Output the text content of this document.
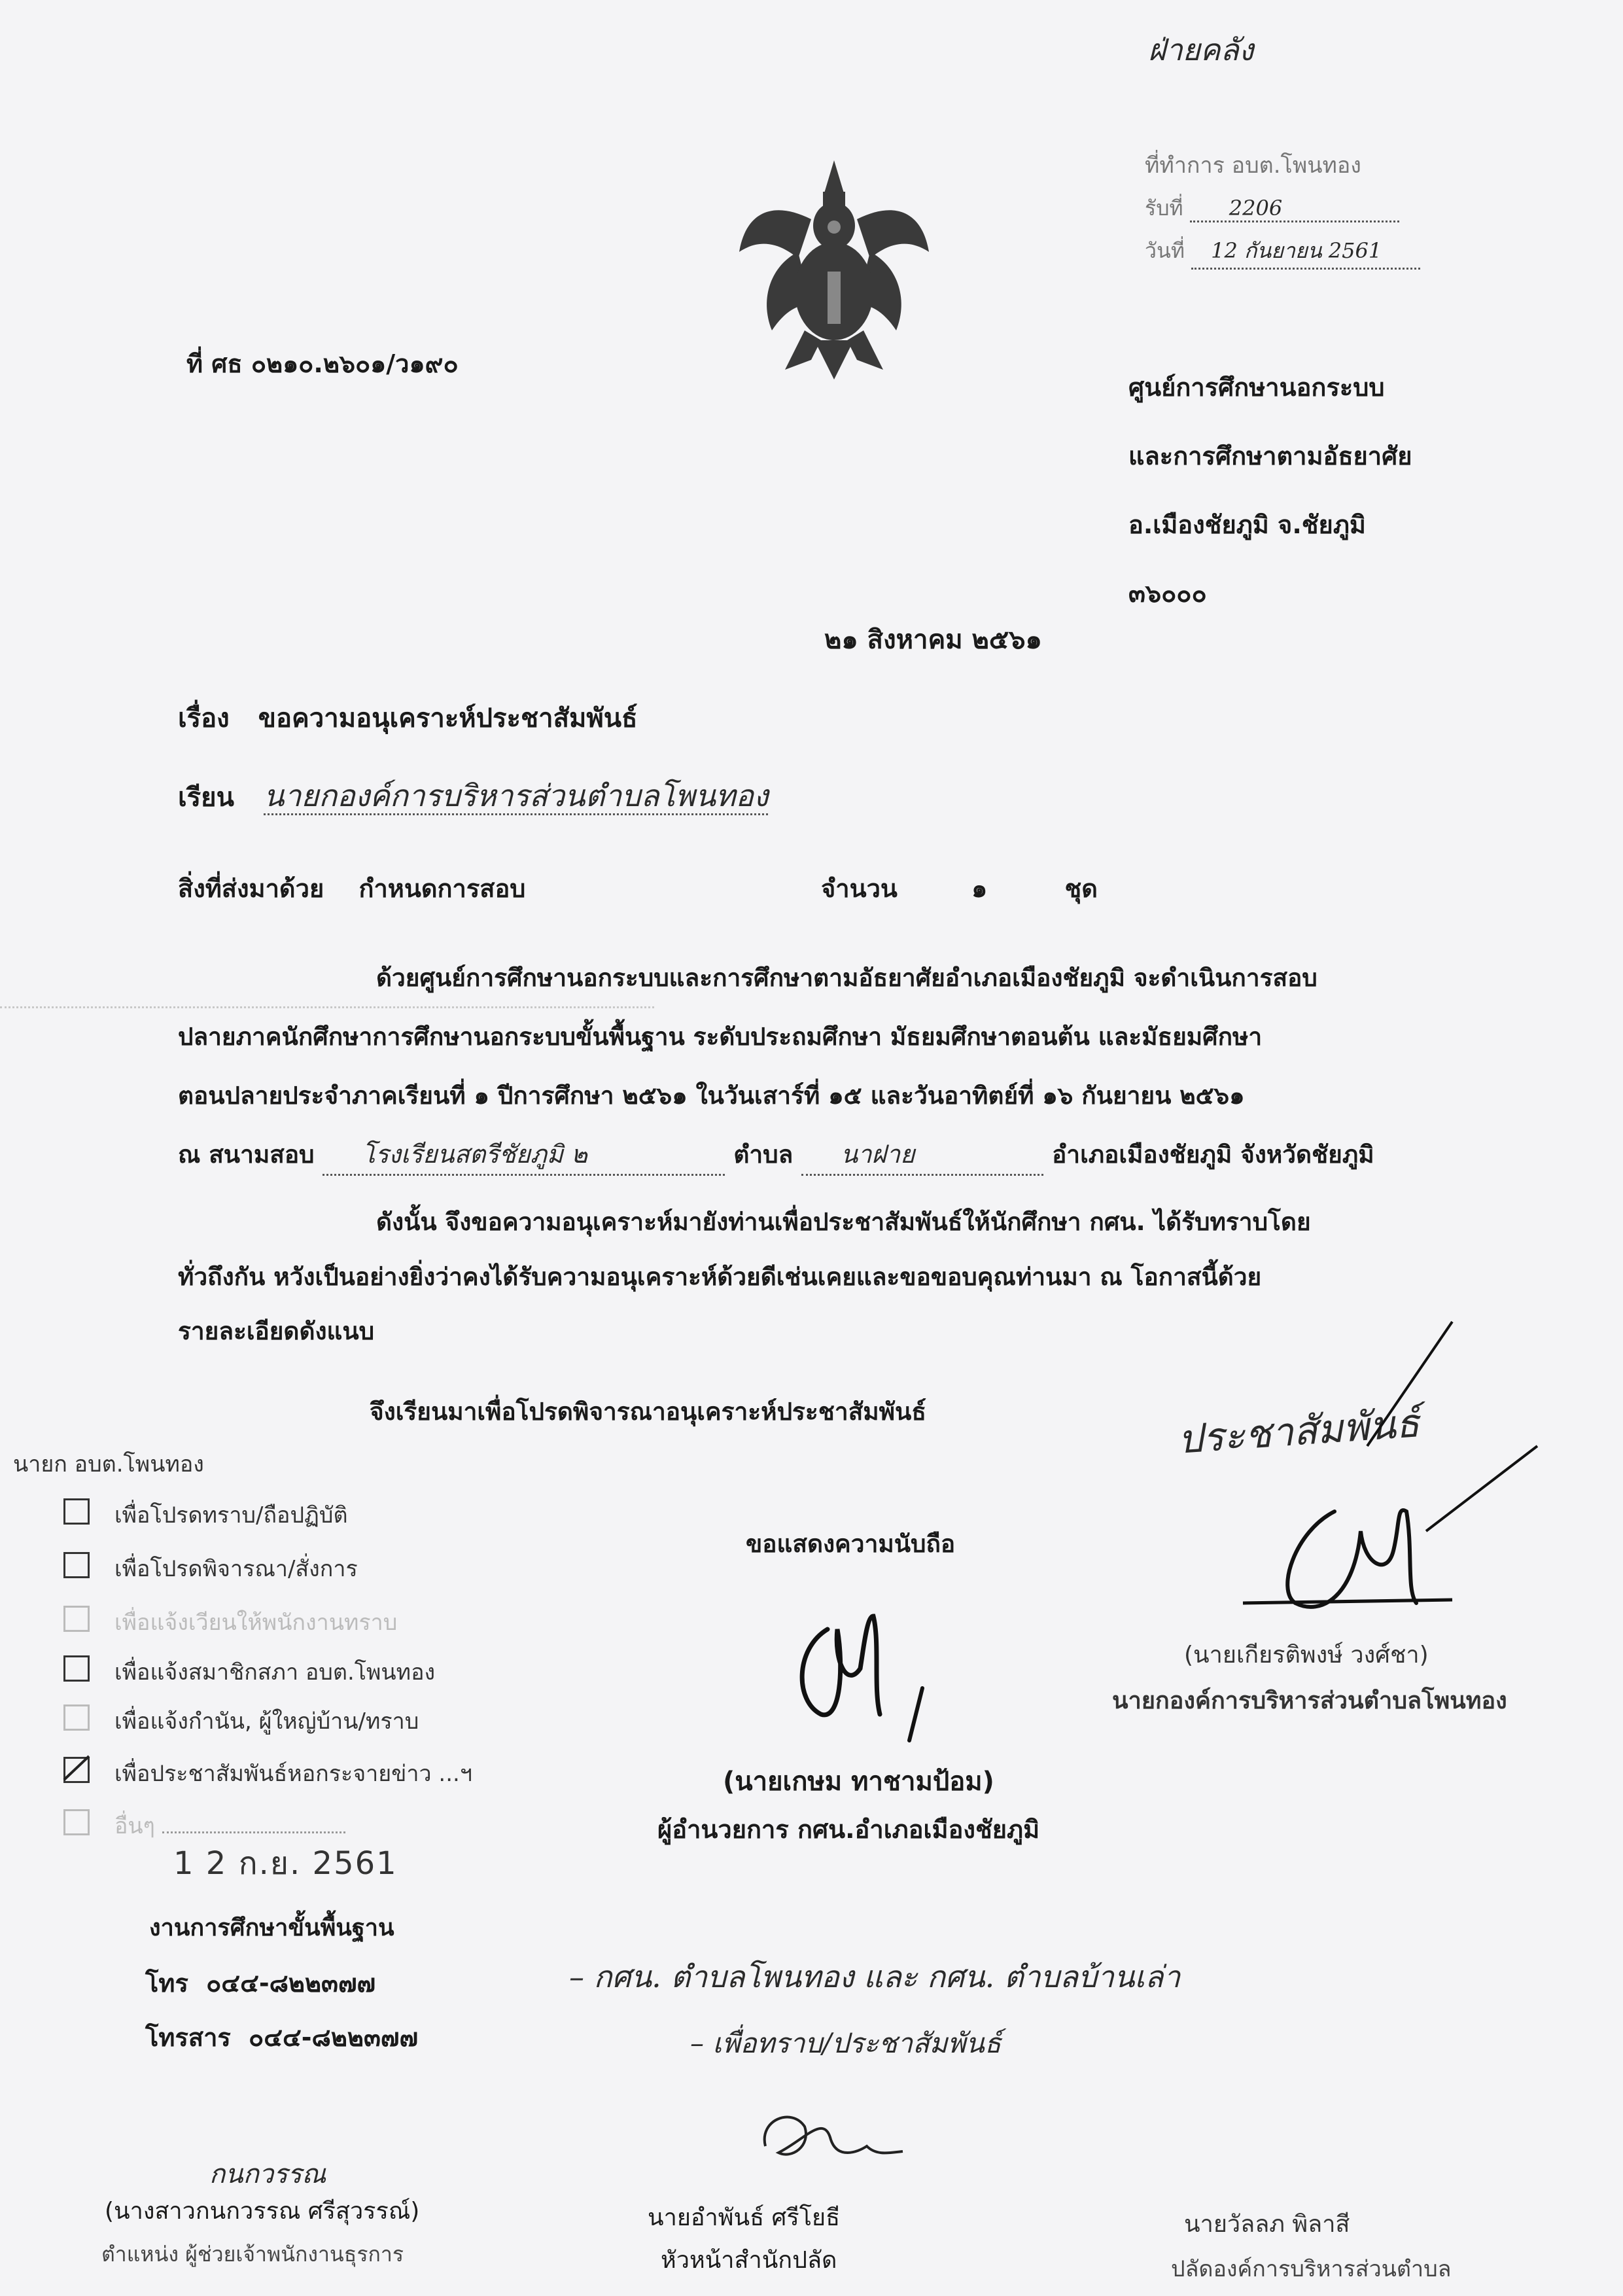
ฝ่ายคลัง
ที่ทำการ อบต.โพนทอง
รับที่ 2206
วันที่ 12 กันยายน 2561
ที่ ศธ ๐๒๑๐.๒๖๐๑/ว๑๙๐
ศูนย์การศึกษานอกระบบ
และการศึกษาตามอัธยาศัย
อ.เมืองชัยภูมิ จ.ชัยภูมิ
๓๖๐๐๐
๒๑ สิงหาคม ๒๕๖๑
เรื่อง ขอความอนุเคราะห์ประชาสัมพันธ์
เรียน นายกองค์การบริหารส่วนตำบลโพนทอง
สิ่งที่ส่งมาด้วย กำหนดการสอบ	จำนวน	๑	ชุด
ด้วยศูนย์การศึกษานอกระบบและการศึกษาตามอัธยาศัยอำเภอเมืองชัยภูมิ จะดำเนินการสอบ
ปลายภาคนักศึกษาการศึกษานอกระบบขั้นพื้นฐาน ระดับประถมศึกษา มัธยมศึกษาตอนต้น และมัธยมศึกษา
ตอนปลายประจำภาคเรียนที่ ๑ ปีการศึกษา ๒๕๖๑ ในวันเสาร์ที่ ๑๕ และวันอาทิตย์ที่ ๑๖ กันยายน ๒๕๖๑
ณ สนามสอบ โรงเรียนสตรีชัยภูมิ ๒	ตำบล นาฝาย	อำเภอเมืองชัยภูมิ จังหวัดชัยภูมิ
ดังนั้น จึงขอความอนุเคราะห์มายังท่านเพื่อประชาสัมพันธ์ให้นักศึกษา กศน. ได้รับทราบโดย
ทั่วถึงกัน หวังเป็นอย่างยิ่งว่าคงได้รับความอนุเคราะห์ด้วยดีเช่นเคยและขอขอบคุณท่านมา ณ โอกาสนี้ด้วย
รายละเอียดดังแนบ
จึงเรียนมาเพื่อโปรดพิจารณาอนุเคราะห์ประชาสัมพันธ์
ขอแสดงความนับถือ
(นายเกษม ทาชามป้อม)
ผู้อำนวยการ กศน.อำเภอเมืองชัยภูมิ
นายก อบต.โพนทอง
เพื่อโปรดทราบ/ถือปฏิบัติ
เพื่อโปรดพิจารณา/สั่งการ
เพื่อแจ้งเวียนให้พนักงานทราบ
เพื่อแจ้งสมาชิกสภา อบต.โพนทอง
เพื่อแจ้งกำนัน, ผู้ใหญ่บ้าน/ทราบ
เพื่อประชาสัมพันธ์หอกระจายข่าว ...ฯ
อื่นๆ
1 2 ก.ย. 2561
งานการศึกษาขั้นพื้นฐาน
โทร ๐๔๔-๘๒๒๓๗๗
โทรสาร ๐๔๔-๘๒๒๓๗๗
– กศน. ตำบลโพนทอง และ กศน. ตำบลบ้านเล่า
– เพื่อทราบ/ประชาสัมพันธ์
ประชาสัมพันธ์
(นายเกียรติพงษ์ วงศ์ชา)
นายกองค์การบริหารส่วนตำบลโพนทอง
กนกวรรณ
(นางสาวกนกวรรณ ศรีสุวรรณ์)
ตำแหน่ง ผู้ช่วยเจ้าพนักงานธุรการ
นายอำพันธ์ ศรีโยธี
หัวหน้าสำนักปลัด
นายวัลลภ พิลาสี
ปลัดองค์การบริหารส่วนตำบล
